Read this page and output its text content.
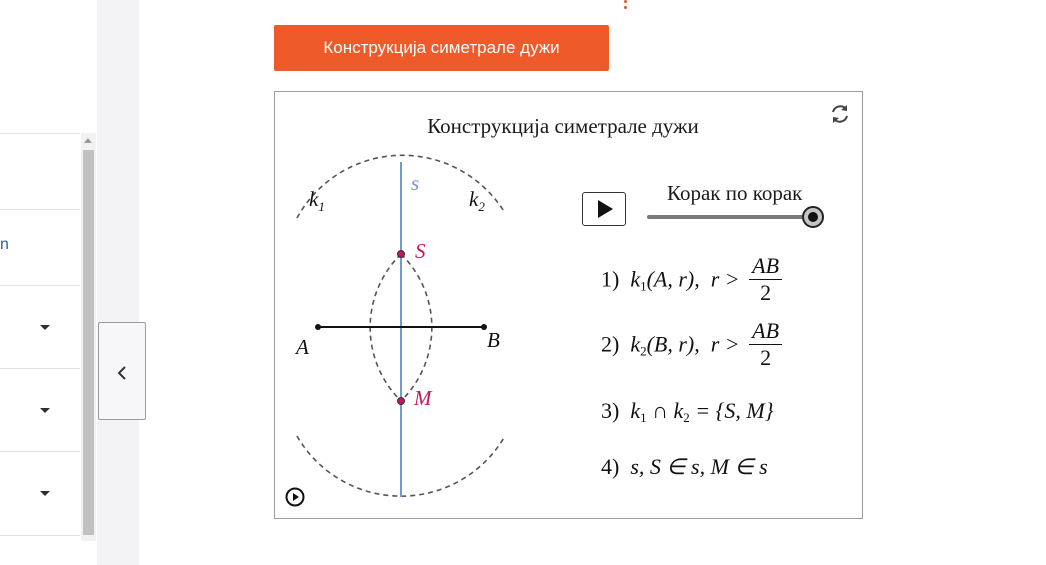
n
Конструкција симетрале дужи
Конструкција симетрале дужи
$k_1$	$k_2$
s
S
M
A	B
Корак по корак
1) $k_1(A$, r), $r > \frac{AB}{2}$
2) $k_2(B$, r), $r > \frac{AB}{2}$
3) $k_1$ ∩ $k_2 = \{S$, M}
4) s, S ∈ s, M ∈ s
